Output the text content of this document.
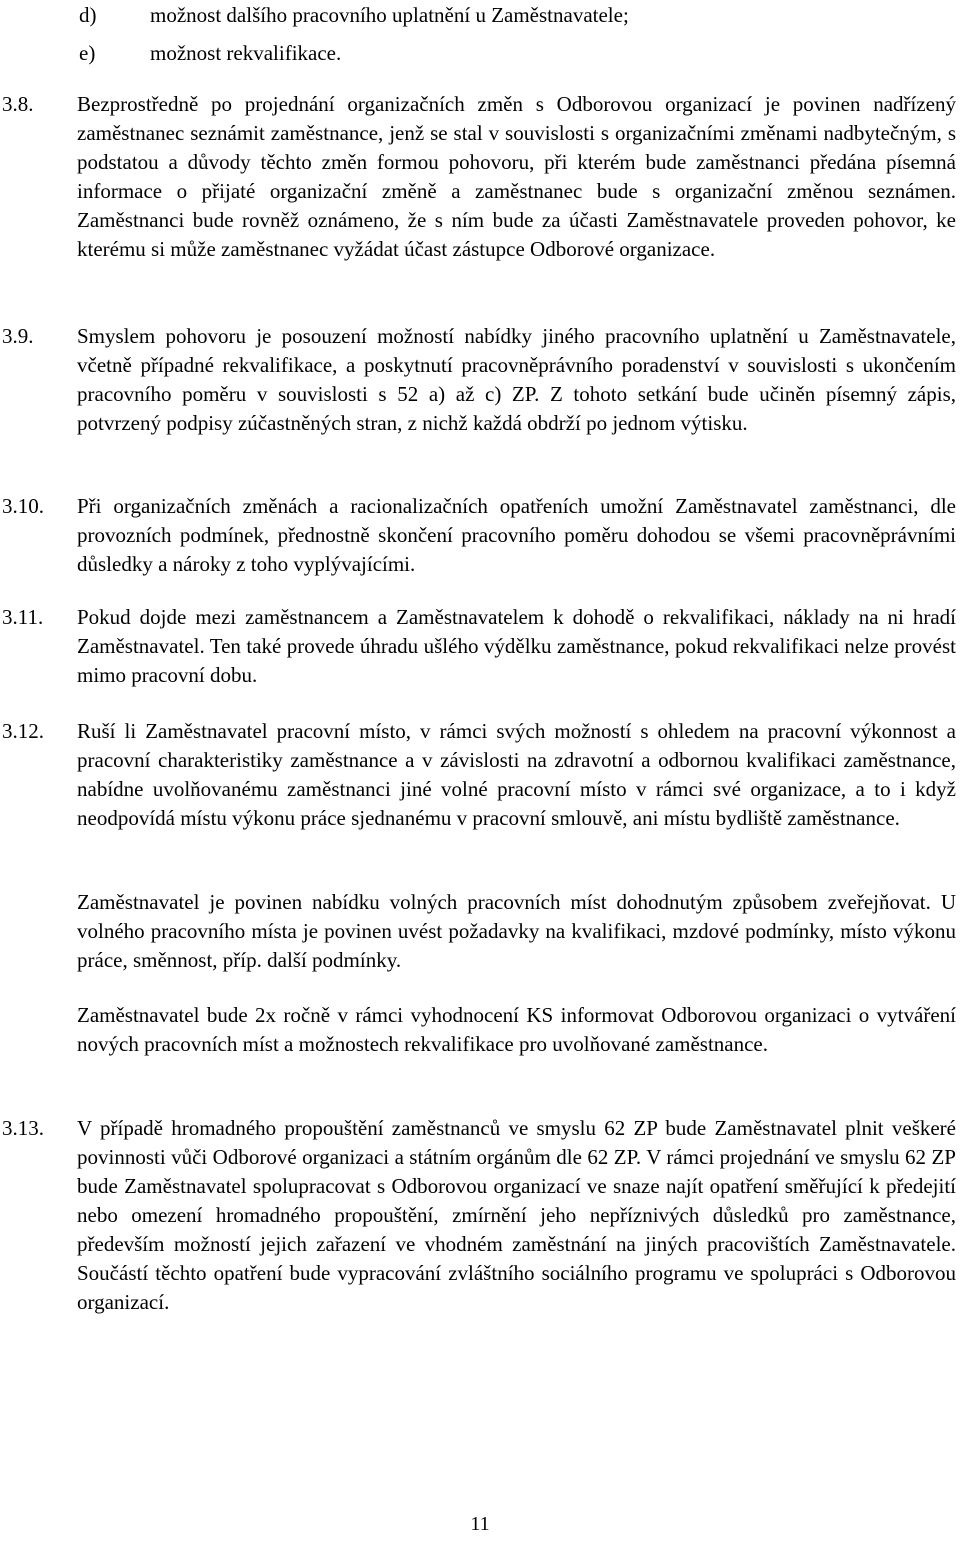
d)	možnost dalšího pracovního uplatnění u Zaměstnavatele;
e)	možnost rekvalifikace.
3.8. Bezprostředně po projednání organizačních změn s Odborovou organizací je povinen nadřízený zaměstnanec seznámit zaměstnance, jenž se stal v souvislosti s organizačními změnami nadbytečným, s podstatou a důvody těchto změn formou pohovoru, při kterém bude zaměstnanci předána písemná informace o přijaté organizační změně a zaměstnanec bude s organizační změnou seznámen. Zaměstnanci bude rovněž oznámeno, že s ním bude za účasti Zaměstnavatele proveden pohovor, ke kterému si může zaměstnanec vyžádat účast zástupce Odborové organizace.

3.9. Smyslem pohovoru je posouzení možností nabídky jiného pracovního uplatnění u Zaměstnavatele, včetně případné rekvalifikace, a poskytnutí pracovněprávního poradenství v souvislosti s ukončením pracovního poměru v souvislosti s 52 a) až c) ZP. Z tohoto setkání bude učiněn písemný zápis, potvrzený podpisy zúčastněných stran, z nichž každá obdrží po jednom výtisku.

3.10. Při organizačních změnách a racionalizačních opatřeních umožní Zaměstnavatel zaměstnanci, dle provozních podmínek, přednostně skončení pracovního poměru dohodou se všemi pracovněprávními důsledky a nároky z toho vyplývajícími.

3.11. Pokud dojde mezi zaměstnancem a Zaměstnavatelem k dohodě o rekvalifikaci, náklady na ni hradí Zaměstnavatel. Ten také provede úhradu ušlého výdělku zaměstnance, pokud rekvalifikaci nelze provést mimo pracovní dobu.

3.12. Ruší li Zaměstnavatel pracovní místo, v rámci svých možností s ohledem na pracovní výkonnost a pracovní charakteristiky zaměstnance a v závislosti na zdravotní a odbornou kvalifikaci zaměstnance, nabídne uvolňovanému zaměstnanci jiné volné pracovní místo v rámci své organizace, a to i když neodpovídá místu výkonu práce sjednanému v pracovní smlouvě, ani místu bydliště zaměstnance.

Zaměstnavatel je povinen nabídku volných pracovních míst dohodnutým způsobem zveřejňovat. U volného pracovního místa je povinen uvést požadavky na kvalifikaci, mzdové podmínky, místo výkonu práce, směnnost, příp. další podmínky.

Zaměstnavatel bude 2x ročně v rámci vyhodnocení KS informovat Odborovou organizaci o vytváření nových pracovních míst a možnostech rekvalifikace pro uvolňované zaměstnance.

3.13. V případě hromadného propouštění zaměstnanců ve smyslu 62 ZP bude Zaměstnavatel plnit veškeré povinnosti vůči Odborové organizaci a státním orgánům dle 62 ZP. V rámci projednání ve smyslu 62 ZP bude Zaměstnavatel spolupracovat s Odborovou organizací ve snaze najít opatření směřující k předejití nebo omezení hromadného propouštění, zmírnění jeho nepříznivých důsledků pro zaměstnance, především možností jejich zařazení ve vhodném zaměstnání na jiných pracovištích Zaměstnavatele. Součástí těchto opatření bude vypracování zvláštního sociálního programu ve spolupráci s Odborovou organizací.

11
